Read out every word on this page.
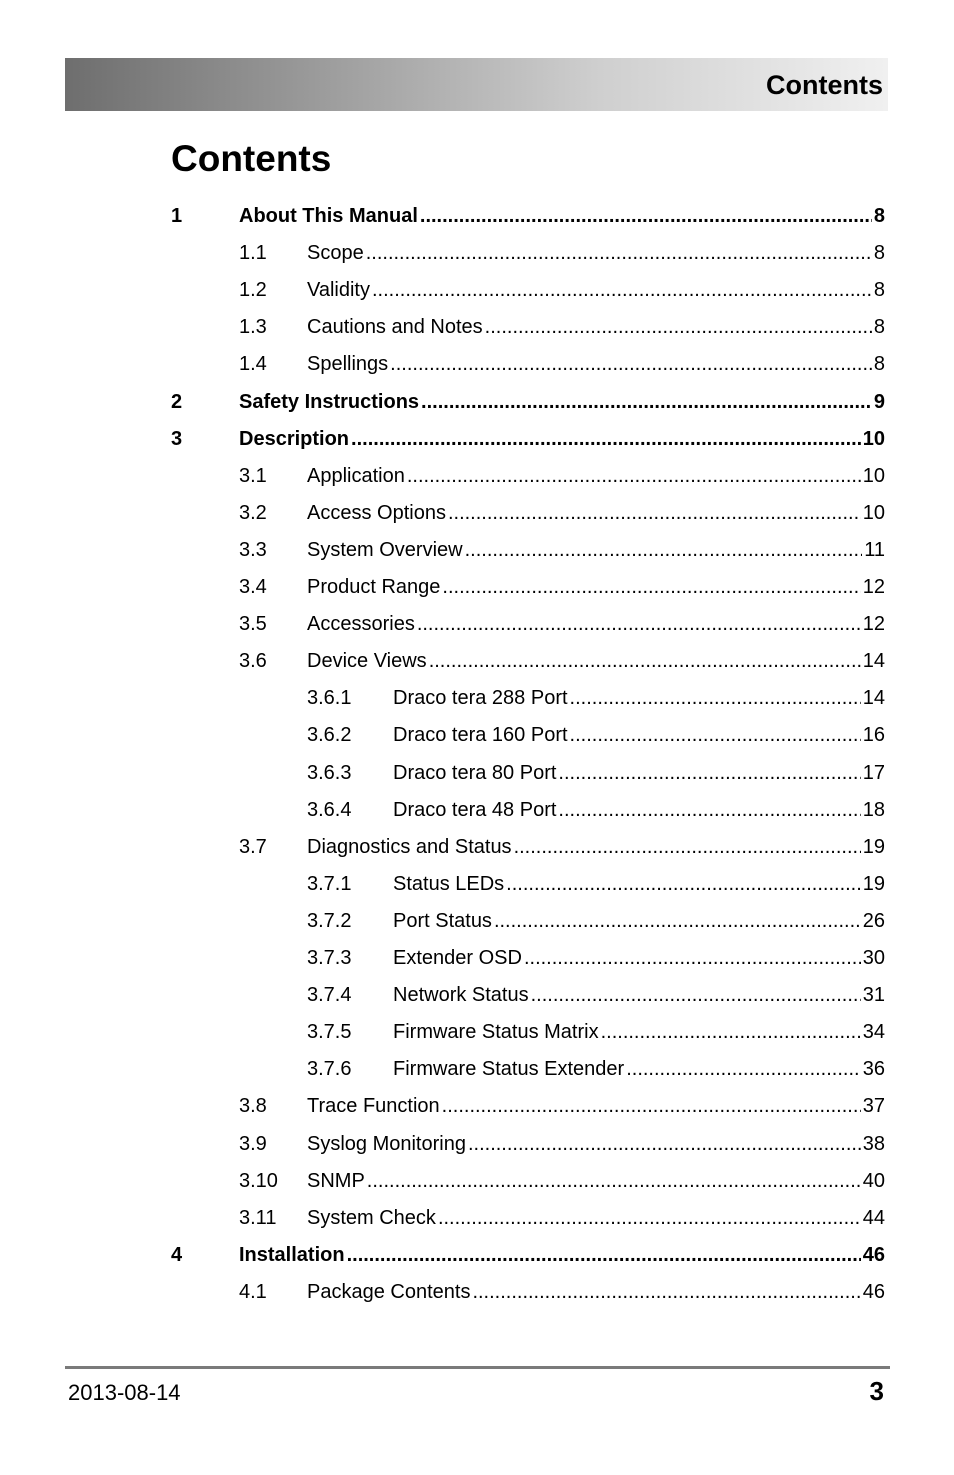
Contents
Contents
1	About This Manual .....	8
1.1	Scope .....	8
1.2	Validity .....	8
1.3	Cautions and Notes .....	8
1.4	Spellings .....	8
2	Safety Instructions .....	9
3	Description .....	10
3.1	Application .....	10
3.2	Access Options .....	10
3.3	System Overview .....	11
3.4	Product Range .....	12
3.5	Accessories .....	12
3.6	Device Views .....	14
3.6.1	Draco tera 288 Port .....	14
3.6.2	Draco tera 160 Port .....	16
3.6.3	Draco tera 80 Port .....	17
3.6.4	Draco tera 48 Port .....	18
3.7	Diagnostics and Status .....	19
3.7.1	Status LEDs .....	19
3.7.2	Port Status .....	26
3.7.3	Extender OSD .....	30
3.7.4	Network Status .....	31
3.7.5	Firmware Status Matrix .....	34
3.7.6	Firmware Status Extender .....	36
3.8	Trace Function .....	37
3.9	Syslog Monitoring .....	38
3.10	SNMP .....	40
3.11	System Check .....	44
4	Installation .....	46
4.1	Package Contents .....	46
2013-08-14	3
